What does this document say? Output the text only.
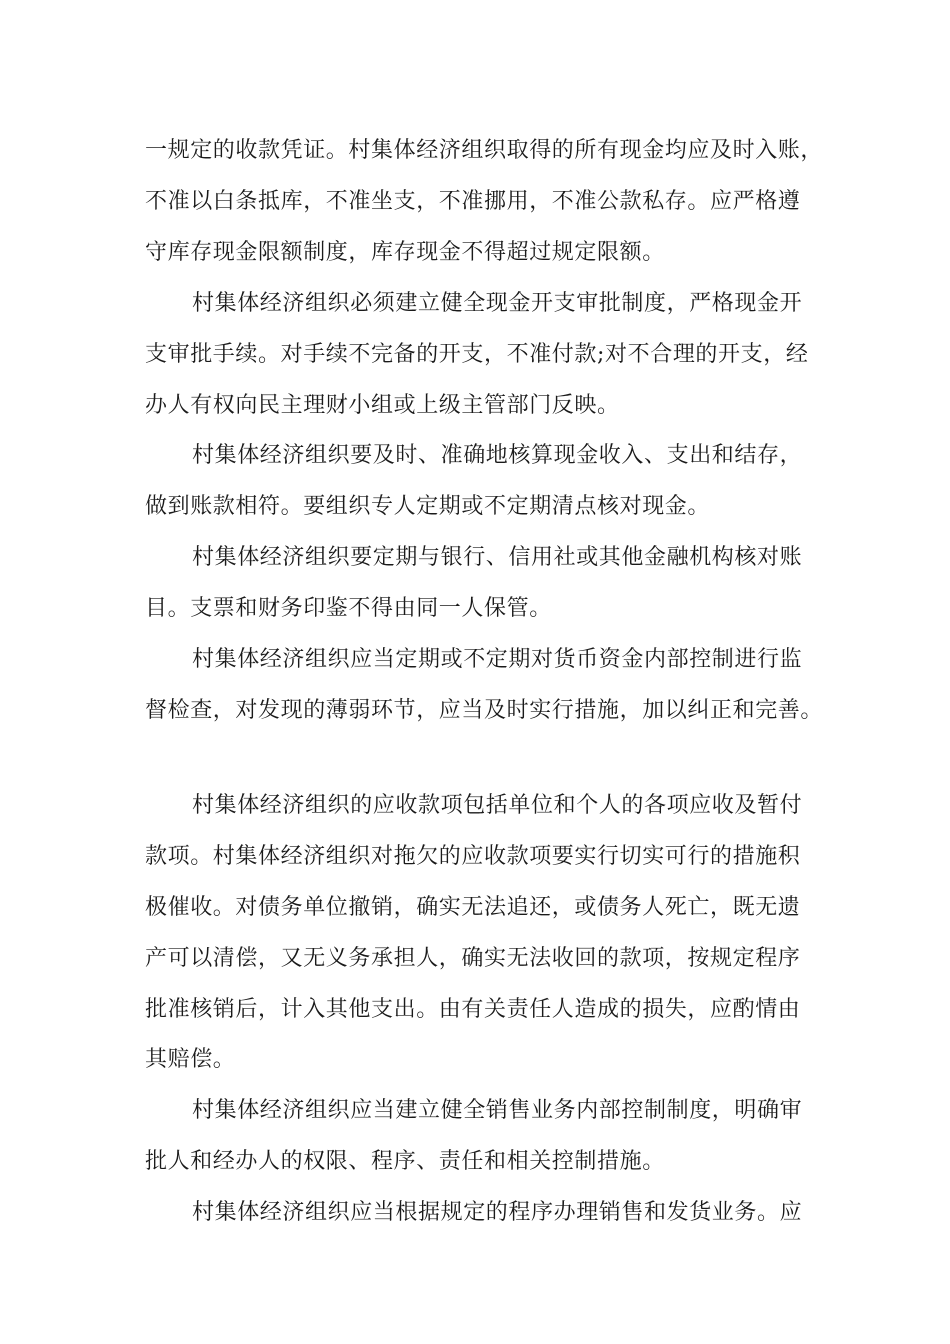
一规定的收款凭证。村集体经济组织取得的所有现金均应及时入账，
不准以白条抵库，不准坐支，不准挪用，不准公款私存。应严格遵
守库存现金限额制度，库存现金不得超过规定限额。
村集体经济组织必须建立健全现金开支审批制度，严格现金开
支审批手续。对手续不完备的开支，不准付款;对不合理的开支，经
办人有权向民主理财小组或上级主管部门反映。
村集体经济组织要及时、准确地核算现金收入、支出和结存，
做到账款相符。要组织专人定期或不定期清点核对现金。
村集体经济组织要定期与银行、信用社或其他金融机构核对账
目。支票和财务印鉴不得由同一人保管。
村集体经济组织应当定期或不定期对货币资金内部控制进行监
督检查，对发现的薄弱环节，应当及时实行措施，加以纠正和完善。
村集体经济组织的应收款项包括单位和个人的各项应收及暂付
款项。村集体经济组织对拖欠的应收款项要实行切实可行的措施积
极催收。对债务单位撤销，确实无法追还，或债务人死亡，既无遗
产可以清偿，又无义务承担人，确实无法收回的款项，按规定程序
批准核销后，计入其他支出。由有关责任人造成的损失，应酌情由
其赔偿。
村集体经济组织应当建立健全销售业务内部控制制度，明确审
批人和经办人的权限、程序、责任和相关控制措施。
村集体经济组织应当根据规定的程序办理销售和发货业务。应
